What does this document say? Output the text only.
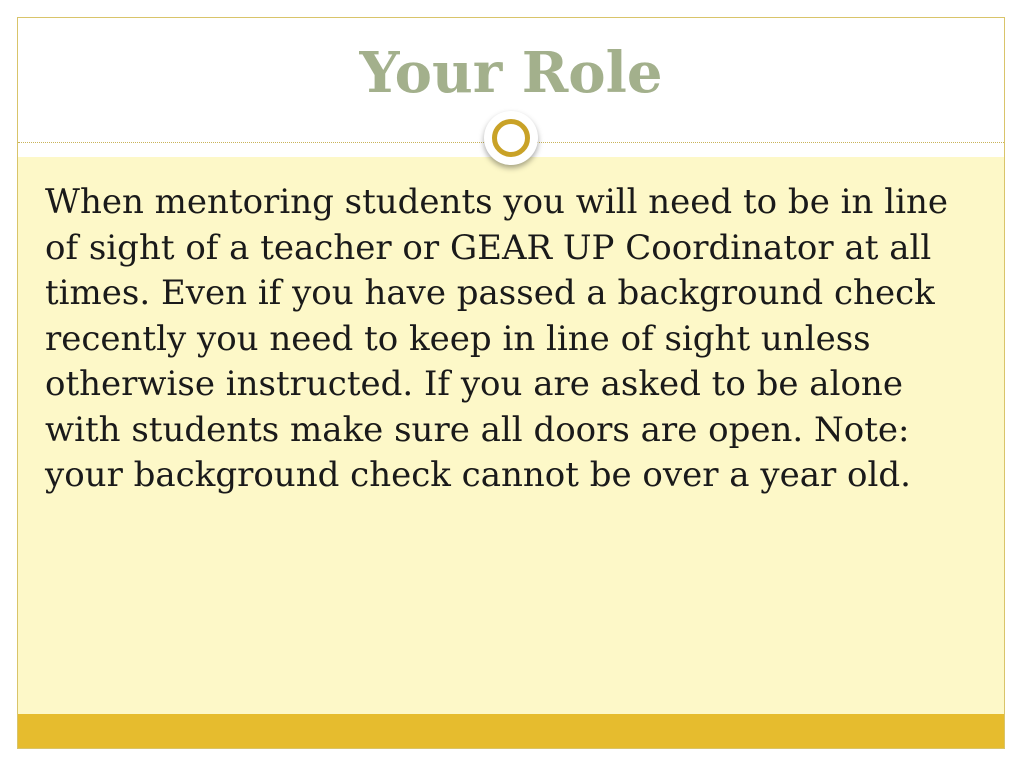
Your Role

When mentoring students you will need to be in line of sight of a teacher or GEAR UP Coordinator at all times. Even if you have passed a background check recently you need to keep in line of sight unless otherwise instructed. If you are asked to be alone with students make sure all doors are open. Note: your background check cannot be over a year old.
